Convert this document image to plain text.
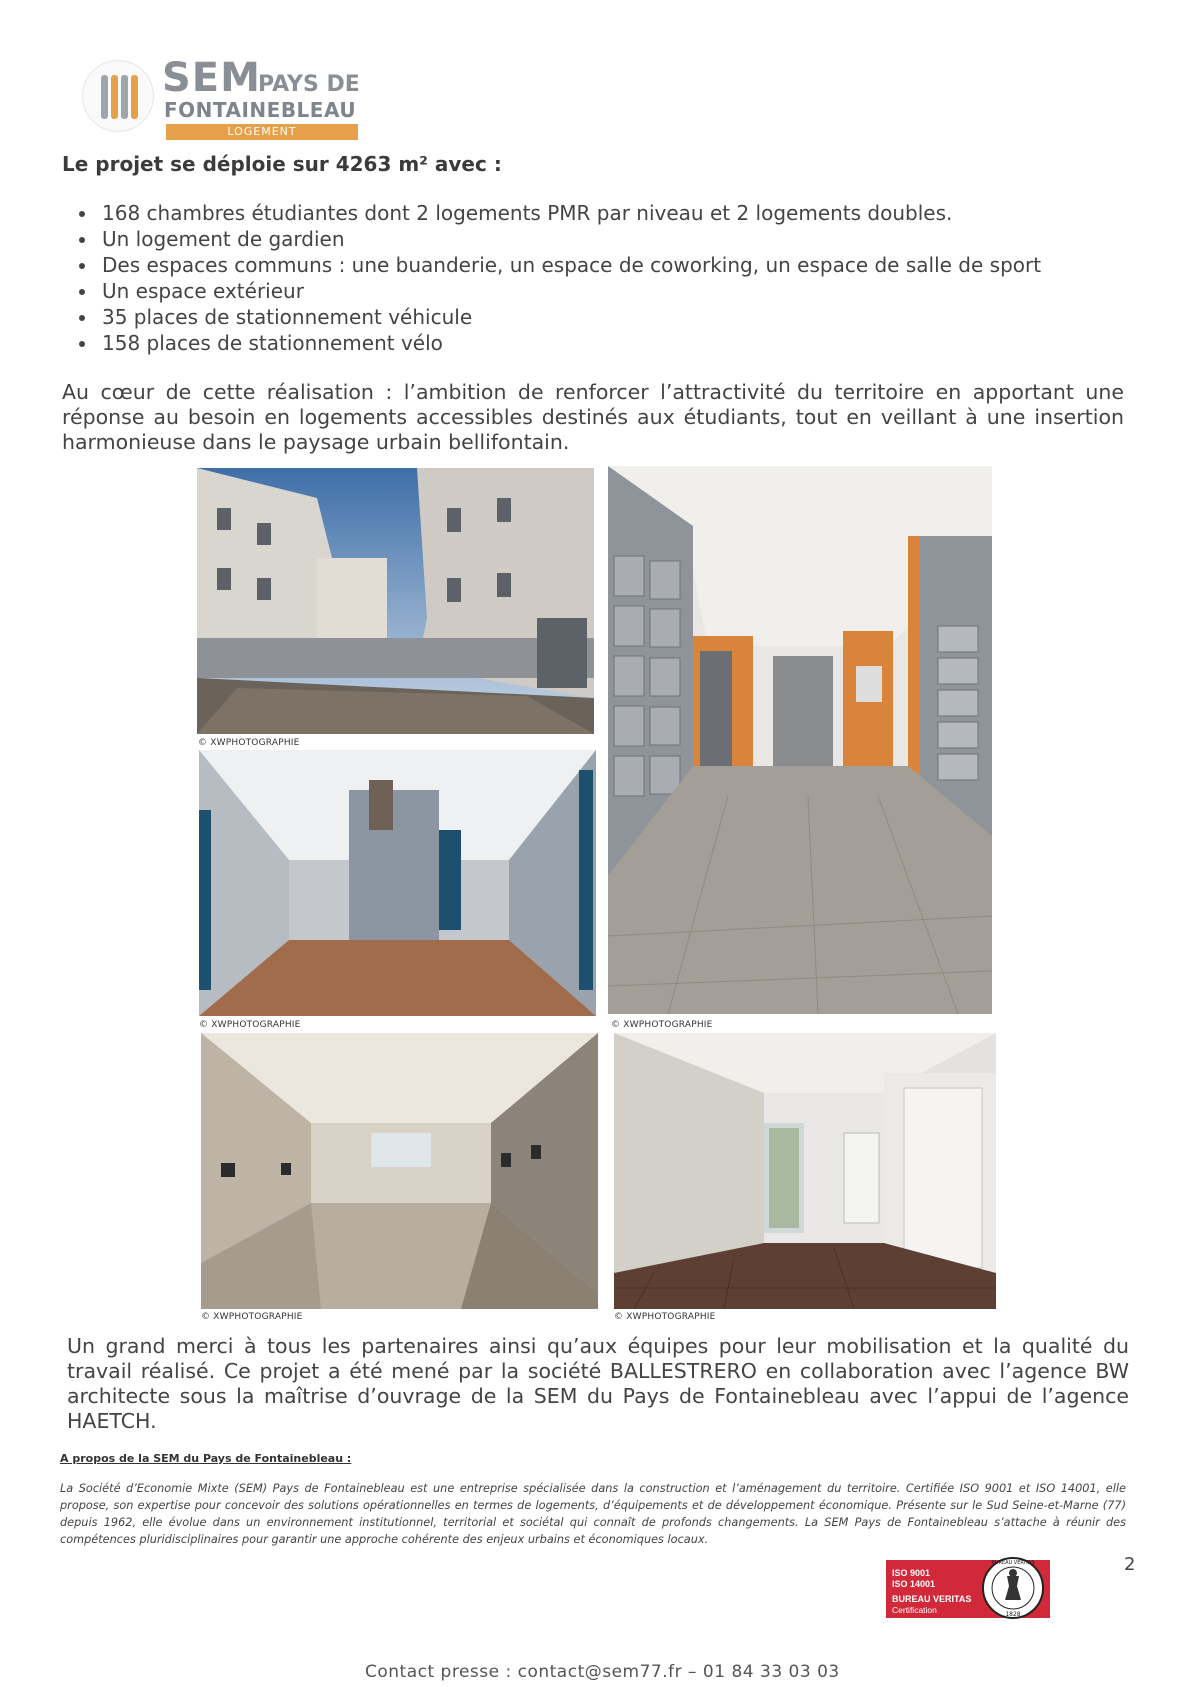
SEM
PAYS DE
FONTAINEBLEAU
LOGEMENT
Le projet se déploie sur 4263 m² avec :
• 168 chambres étudiantes dont 2 logements PMR par niveau et 2 logements doubles.
• Un logement de gardien
• Des espaces communs : une buanderie, un espace de coworking, un espace de salle de sport
• Un espace extérieur
• 35 places de stationnement véhicule
• 158 places de stationnement vélo
Au cœur de cette réalisation : l’ambition de renforcer l’attractivité du territoire en apportant une réponse au besoin en logements accessibles destinés aux étudiants, tout en veillant à une insertion harmonieuse dans le paysage urbain bellifontain.
© XWPHOTOGRAPHIE
© XWPHOTOGRAPHIE
© XWPHOTOGRAPHIE
© XWPHOTOGRAPHIE	© XWPHOTOGRAPHIE
Un grand merci à tous les partenaires ainsi qu’aux équipes pour leur mobilisation et la qualité du travail réalisé. Ce projet a été mené par la société BALLESTRERO en collaboration avec l’agence BW architecte sous la maîtrise d’ouvrage de la SEM du Pays de Fontainebleau avec l’appui de l’agence HAETCH.
A propos de la SEM du Pays de Fontainebleau :
La Société d’Economie Mixte (SEM) Pays de Fontainebleau est une entreprise spécialisée dans la construction et l’aménagement du territoire. Certifiée ISO 9001 et ISO 14001, elle propose, son expertise pour concevoir des solutions opérationnelles en termes de logements, d’équipements et de développement économique. Présente sur le Sud Seine-et-Marne (77) depuis 1962, elle évolue dans un environnement institutionnel, territorial et sociétal qui connaît de profonds changements. La SEM Pays de Fontainebleau s’attache à réunir des compétences pluridisciplinaires pour garantir une approche cohérente des enjeux urbains et économiques locaux.
2
ISO 9001
ISO 14001
BUREAU VERITAS
Certification
BUREAU VERITAS
1828
Contact presse : contact@sem77.fr – 01 84 33 03 03
